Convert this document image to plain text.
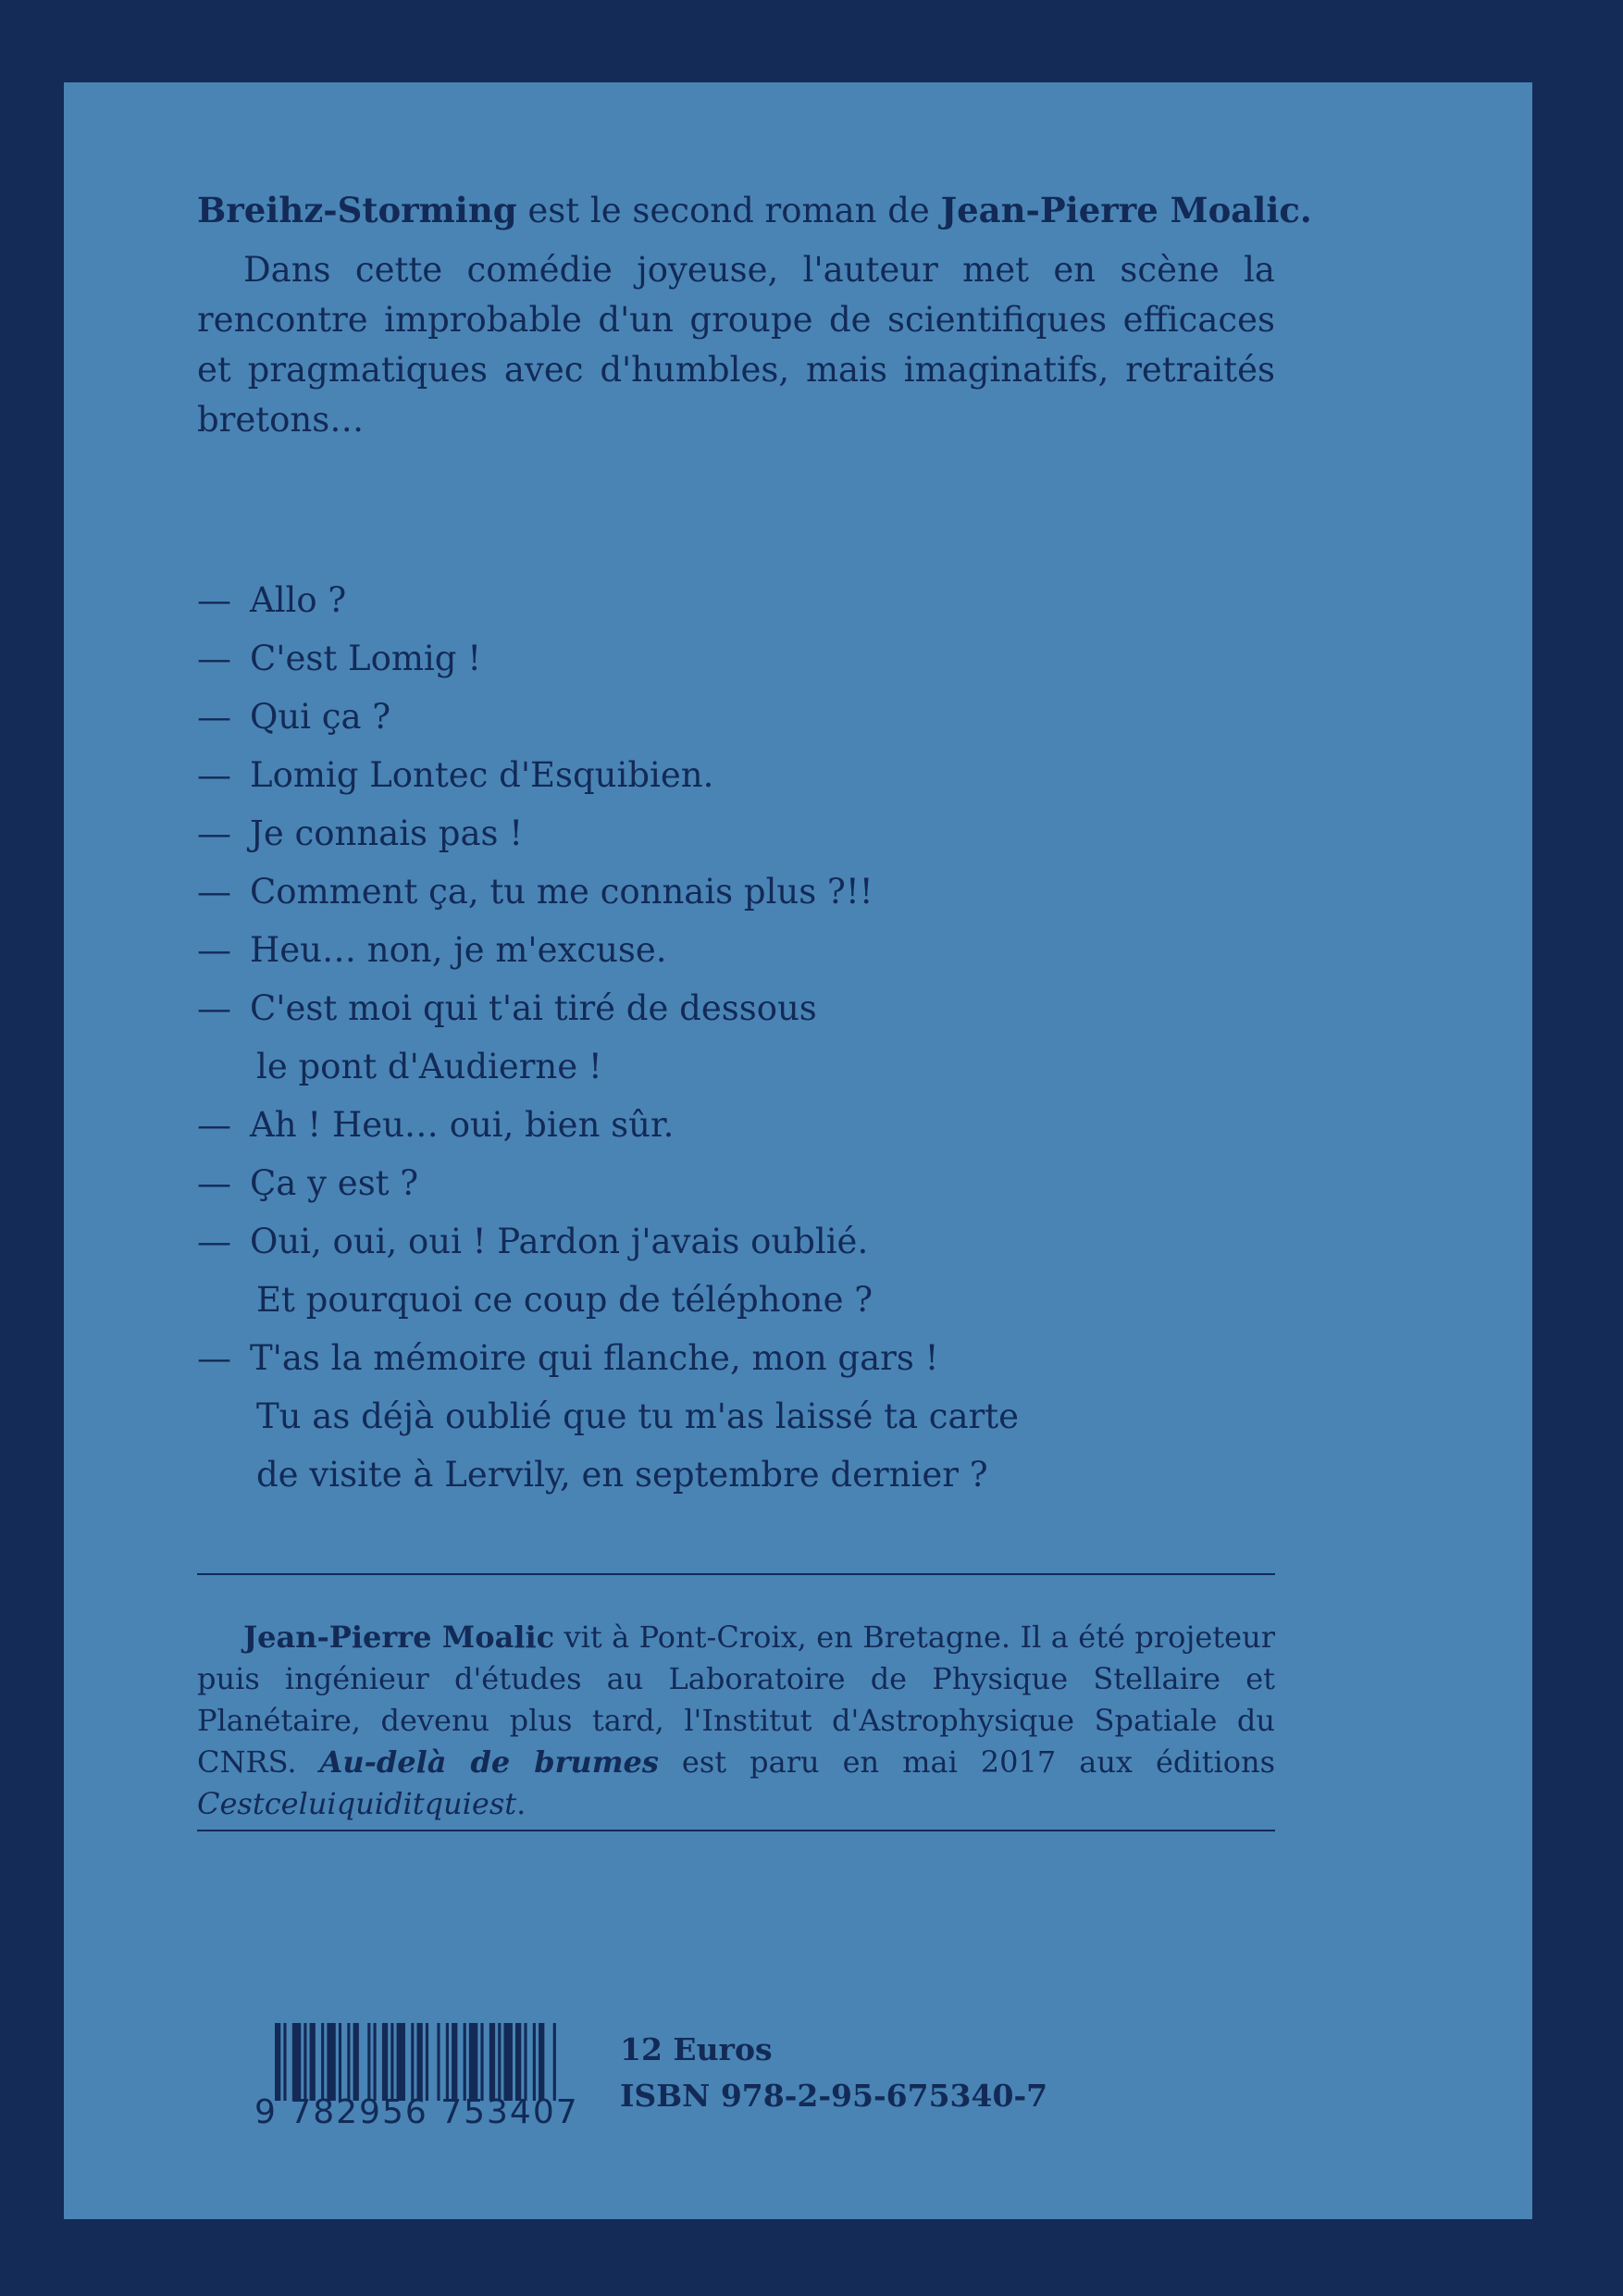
Breihz-Storming est le second roman de Jean-Pierre Moalic.

Dans cette comédie joyeuse, l'auteur met en scène la rencontre improbable d'un groupe de scientifiques efficaces et pragmatiques avec d'humbles, mais imaginatifs, retraités bretons…

— Allo ?
— C'est Lomig !
— Qui ça ?
— Lomig Lontec d'Esquibien.
— Je connais pas !
— Comment ça, tu me connais plus ?!!
— Heu… non, je m'excuse.
— C'est moi qui t'ai tiré de dessous
le pont d'Audierne !
— Ah ! Heu… oui, bien sûr.
— Ça y est ?
— Oui, oui, oui ! Pardon j'avais oublié.
Et pourquoi ce coup de téléphone ?
— T'as la mémoire qui flanche, mon gars !
Tu as déjà oublié que tu m'as laissé ta carte
de visite à Lervily, en septembre dernier ?

Jean-Pierre Moalic vit à Pont-Croix, en Bretagne. Il a été projeteur puis ingénieur d'études au Laboratoire de Physique Stellaire et Planétaire, devenu plus tard, l'Institut d'Astrophysique Spatiale du CNRS. Au-delà de brumes est paru en mai 2017 aux éditions Cestceluiquiditquiest.

9 782956 753407
12 Euros
ISBN 978-2-95-675340-7
